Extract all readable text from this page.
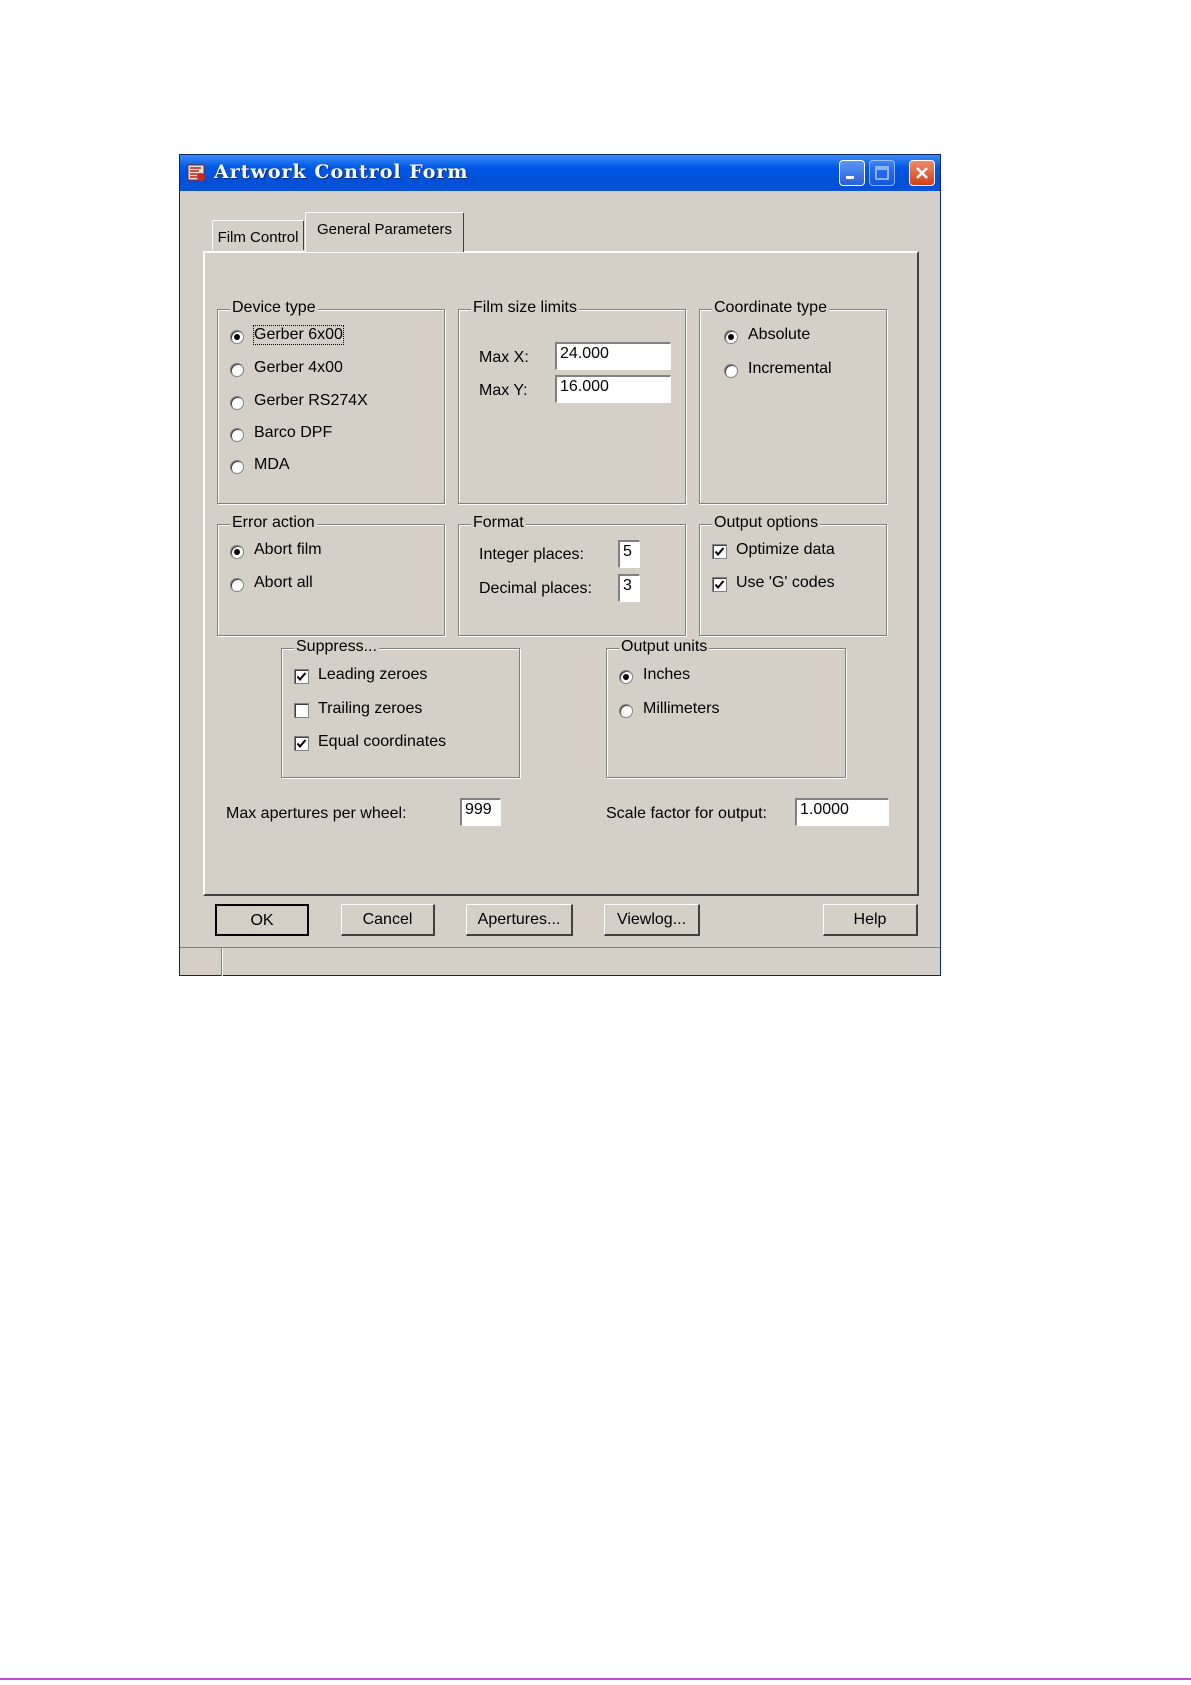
Artwork Control Form
Film Control	General Parameters
Device type
Gerber 6x00
Gerber 4x00
Gerber RS274X
Barco DPF
MDA
Film size limits
Max X:	24.000
Max Y:	16.000
Coordinate type
Absolute
Incremental
Error action
Abort film
Abort all
Format
Integer places:	5
Decimal places:	3
Output options
Optimize data
Use 'G' codes
Suppress...
Leading zeroes
Trailing zeroes
Equal coordinates
Output units
Inches
Millimeters
Max apertures per wheel:	999	Scale factor for output:	1.0000
OK	Cancel	Apertures...	Viewlog...	Help
